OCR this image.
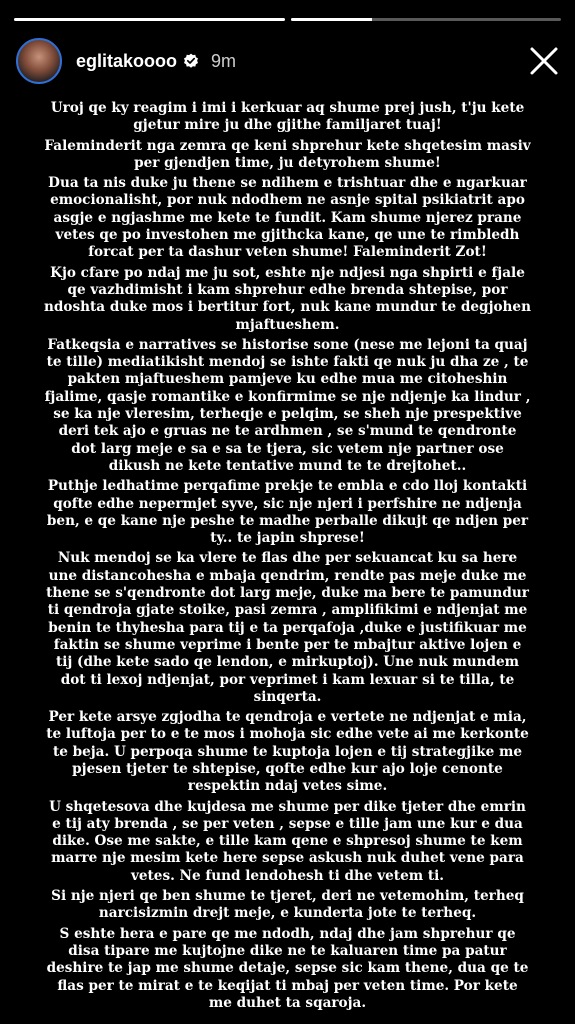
eglitakoooo 9m

Uroj qe ky reagim i imi i kerkuar aq shume prej jush, t'ju kete gjetur mire ju dhe gjithe familjaret tuaj!

Faleminderit nga zemra qe keni shprehur kete shqetesim masiv per gjendjen time, ju detyrohem shume!

Dua ta nis duke ju thene se ndihem e trishtuar dhe e ngarkuar emocionalisht, por nuk ndodhem ne asnje spital psikiatrit apo asgje e ngjashme me kete te fundit. Kam shume njerez prane vetes qe po investohen me gjithcka kane, qe une te rimbledh forcat per ta dashur veten shume! Faleminderit Zot!

Kjo cfare po ndaj me ju sot, eshte nje ndjesi nga shpirti e fjale qe vazhdimisht i kam shprehur edhe brenda shtepise, por ndoshta duke mos i bertitur fort, nuk kane mundur te degjohen mjaftueshem.

Fatkeqsia e narratives se historise sone (nese me lejoni ta quaj te tille) mediatikisht mendoj se ishte fakti qe nuk ju dha ze , te pakten mjaftueshem pamjeve ku edhe mua me citoheshin fjalime, qasje romantike e konfirmime se nje ndjenje ka lindur , se ka nje vleresim, terheqje e pelqim, se sheh nje prespektive deri tek ajo e gruas ne te ardhmen , se s'mund te qendronte dot larg meje e sa e sa te tjera, sic vetem nje partner ose dikush ne kete tentative mund te te drejtohet..

Puthje ledhatime perqafime prekje te embla e cdo lloj kontakti qofte edhe nepermjet syve, sic nje njeri i perfshire ne ndjenja ben, e qe kane nje peshe te madhe perballe dikujt qe ndjen per ty.. te japin shprese!

Nuk mendoj se ka vlere te flas dhe per sekuancat ku sa here une distancohesha e mbaja qendrim, rendte pas meje duke me thene se s'qendronte dot larg meje, duke ma bere te pamundur ti qendroja gjate stoike, pasi zemra , amplifikimi e ndjenjat me benin te thyhesha para tij e ta perqafoja ,duke e justifikuar me faktin se shume veprime i bente per te mbajtur aktive lojen e tij (dhe kete sado qe lendon, e mirkuptoj). Une nuk mundem dot ti lexoj ndjenjat, por veprimet i kam lexuar si te tilla, te sinqerta.

Per kete arsye zgjodha te qendroja e vertete ne ndjenjat e mia, te luftoja per to e te mos i mohoja sic edhe vete ai me kerkonte te beja. U perpoqa shume te kuptoja lojen e tij strategjike me pjesen tjeter te shtepise, qofte edhe kur ajo loje cenonte respektin ndaj vetes sime.

U shqetesova dhe kujdesa me shume per dike tjeter dhe emrin e tij aty brenda , se per veten , sepse e tille jam une kur e dua dike. Ose me sakte, e tille kam qene e shpresoj shume te kem marre nje mesim kete here sepse askush nuk duhet vene para vetes. Ne fund lendohesh ti dhe vetem ti.

Si nje njeri qe ben shume te tjeret, deri ne vetemohim, terheq narcisizmin drejt meje, e kunderta jote te terheq.

S eshte hera e pare qe me ndodh, ndaj dhe jam shprehur qe disa tipare me kujtojne dike ne te kaluaren time pa patur deshire te jap me shume detaje, sepse sic kam thene, dua qe te flas per te mirat e te keqijat ti mbaj per veten time. Por kete me duhet ta sqaroja.
